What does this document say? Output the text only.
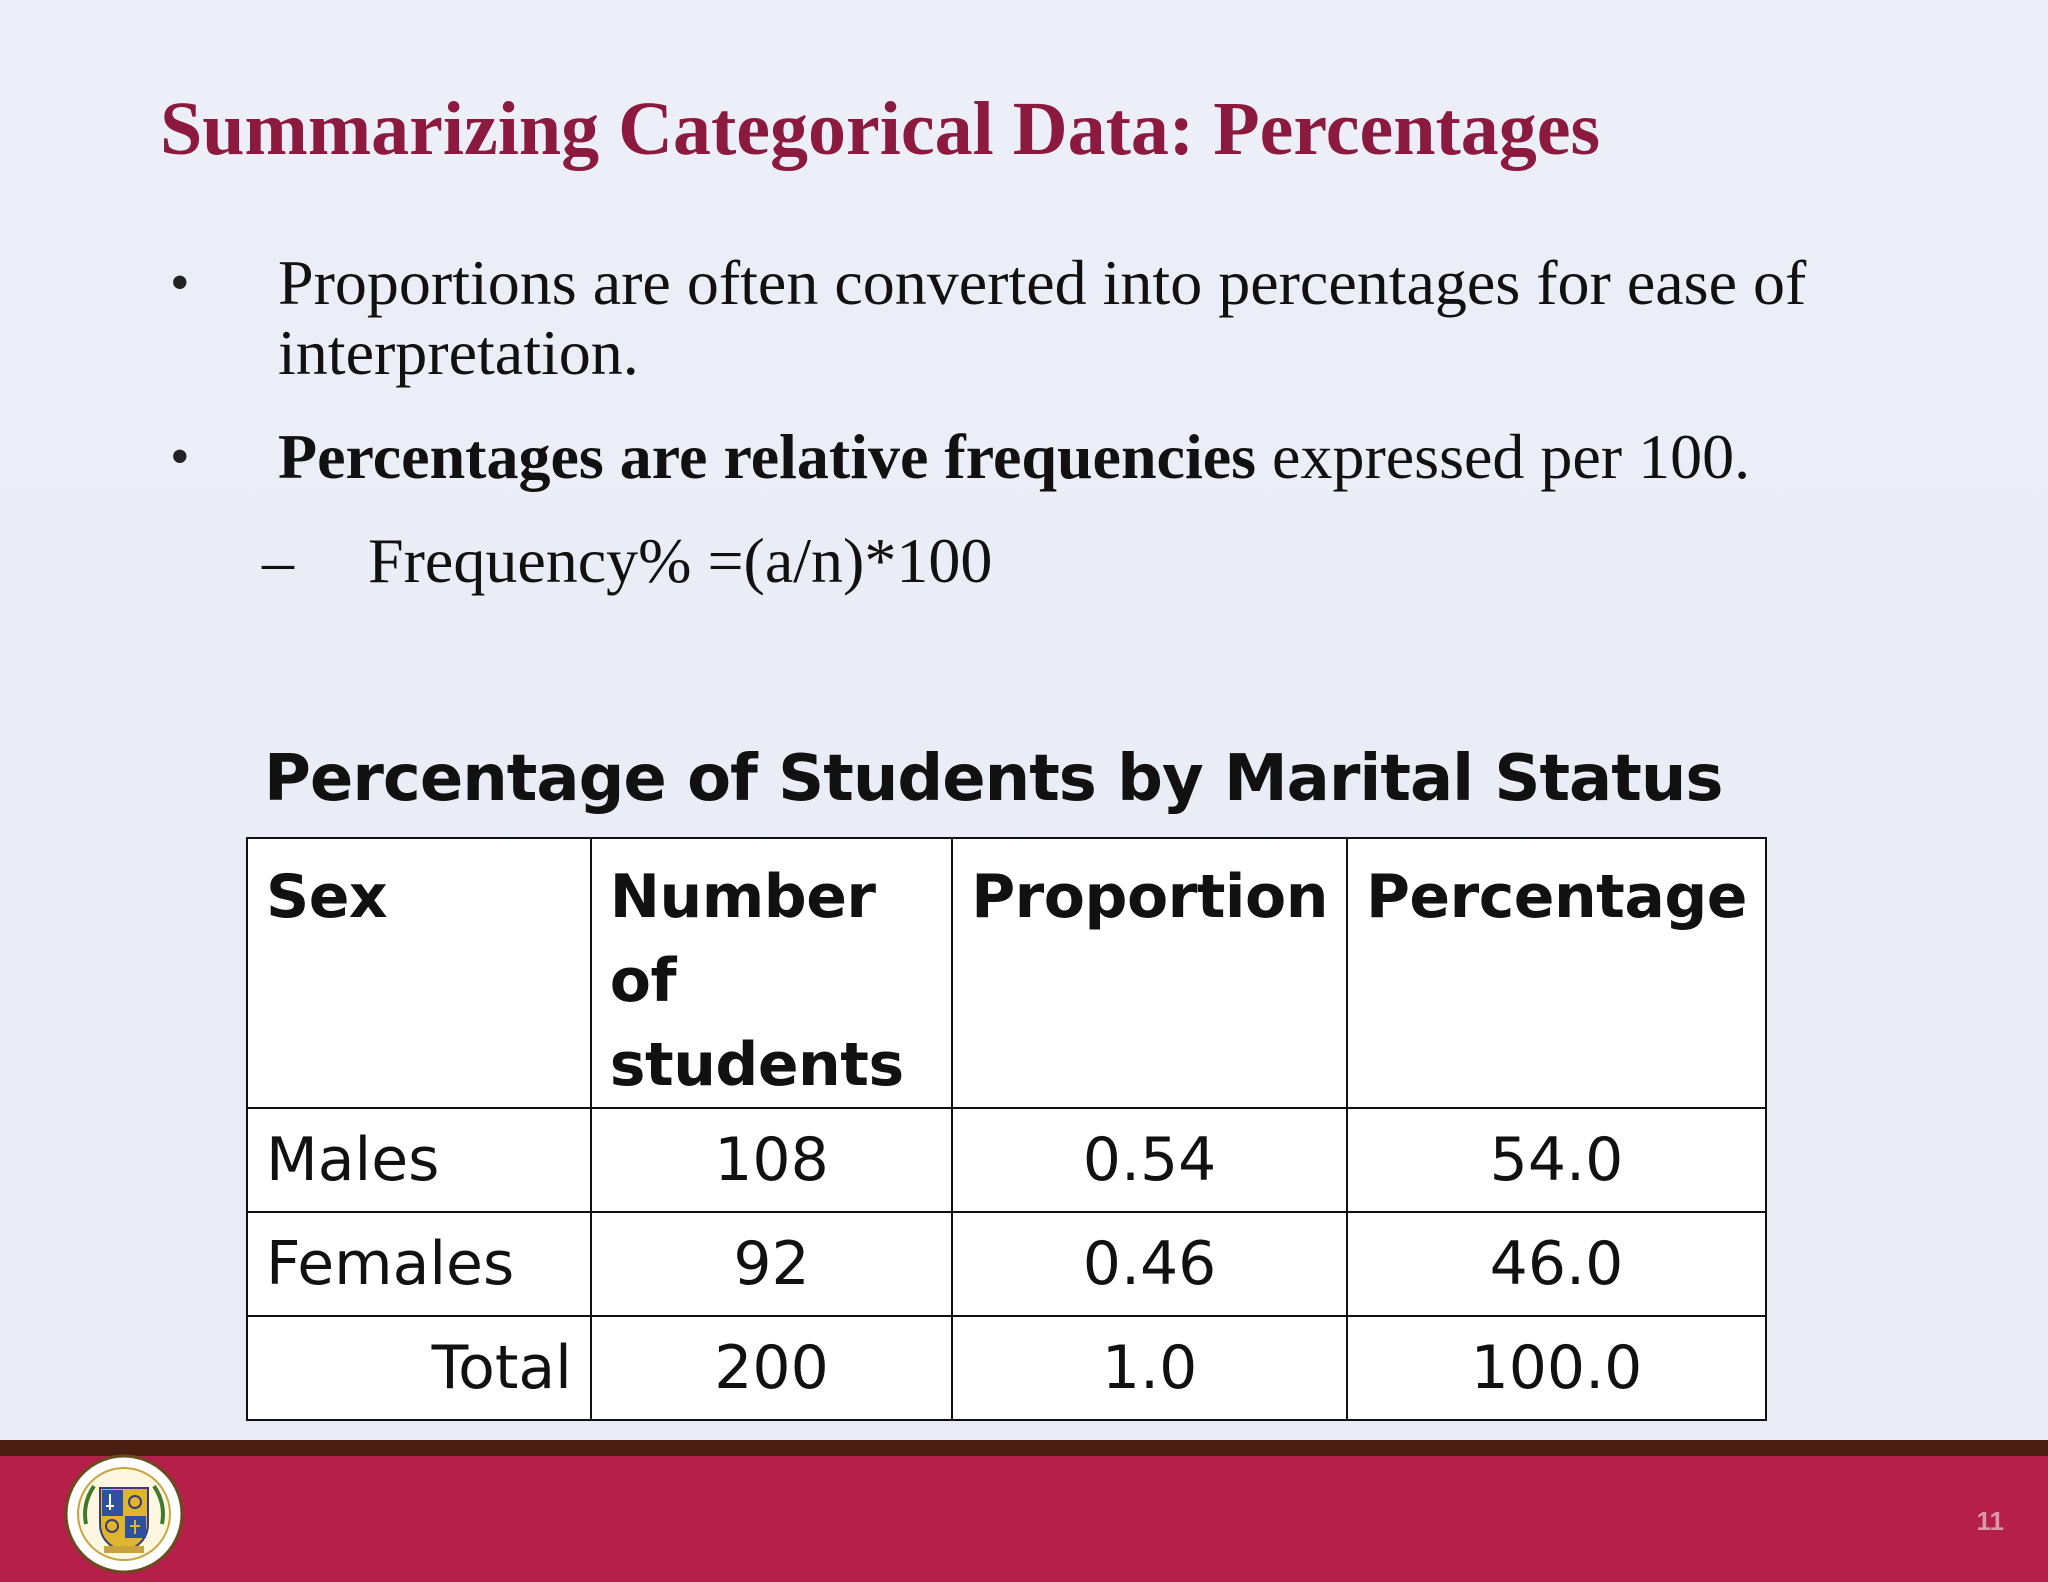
Summarizing Categorical Data: Percentages
• Proportions are often converted into percentages for ease of interpretation.
• Percentages are relative frequencies expressed per 100.
– Frequency% =(a/n)*100
Percentage of Students by Marital Status
Sex	Number of students	Proportion	Percentage
Males	108	0.54	54.0
Females	92	0.46	46.0
Total	200	1.0	100.0
11
